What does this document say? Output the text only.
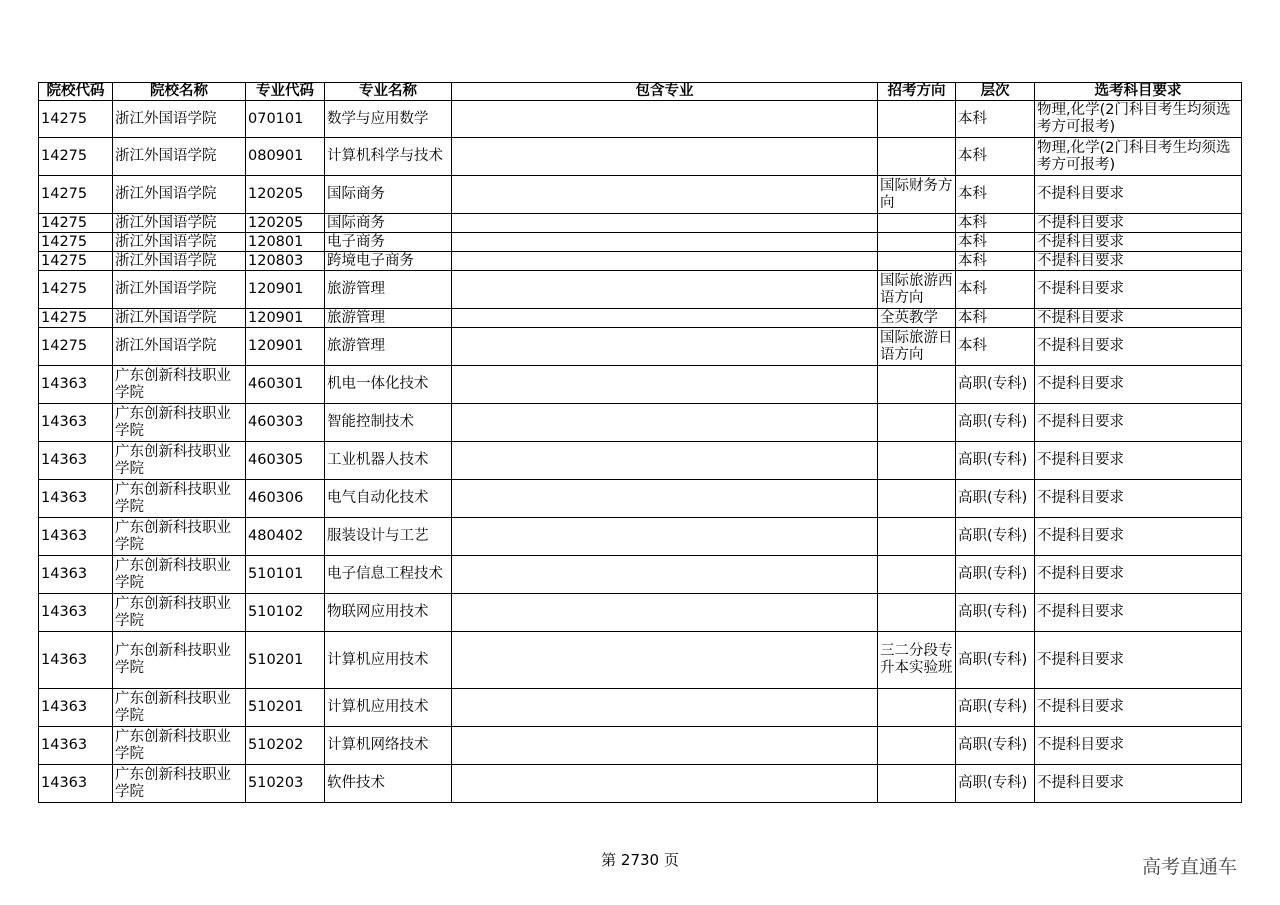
院校代码	院校名称	专业代码	专业名称	包含专业	招考方向	层次	选考科目要求
14275	浙江外国语学院	070101	数学与应用数学			本科	物理,化学(2门科目考生均须选考方可报考)
14275	浙江外国语学院	080901	计算机科学与技术			本科	物理,化学(2门科目考生均须选考方可报考)
14275	浙江外国语学院	120205	国际商务		国际财务方向	本科	不提科目要求
14275	浙江外国语学院	120205	国际商务			本科	不提科目要求
14275	浙江外国语学院	120801	电子商务			本科	不提科目要求
14275	浙江外国语学院	120803	跨境电子商务			本科	不提科目要求
14275	浙江外国语学院	120901	旅游管理		国际旅游西语方向	本科	不提科目要求
14275	浙江外国语学院	120901	旅游管理		全英教学	本科	不提科目要求
14275	浙江外国语学院	120901	旅游管理		国际旅游日语方向	本科	不提科目要求
14363	广东创新科技职业学院	460301	机电一体化技术			高职(专科)	不提科目要求
14363	广东创新科技职业学院	460303	智能控制技术			高职(专科)	不提科目要求
14363	广东创新科技职业学院	460305	工业机器人技术			高职(专科)	不提科目要求
14363	广东创新科技职业学院	460306	电气自动化技术			高职(专科)	不提科目要求
14363	广东创新科技职业学院	480402	服装设计与工艺			高职(专科)	不提科目要求
14363	广东创新科技职业学院	510101	电子信息工程技术			高职(专科)	不提科目要求
14363	广东创新科技职业学院	510102	物联网应用技术			高职(专科)	不提科目要求
14363	广东创新科技职业学院	510201	计算机应用技术		三二分段专升本实验班	高职(专科)	不提科目要求
14363	广东创新科技职业学院	510201	计算机应用技术			高职(专科)	不提科目要求
14363	广东创新科技职业学院	510202	计算机网络技术			高职(专科)	不提科目要求
14363	广东创新科技职业学院	510203	软件技术			高职(专科)	不提科目要求
第 2730 页	高考直通车
